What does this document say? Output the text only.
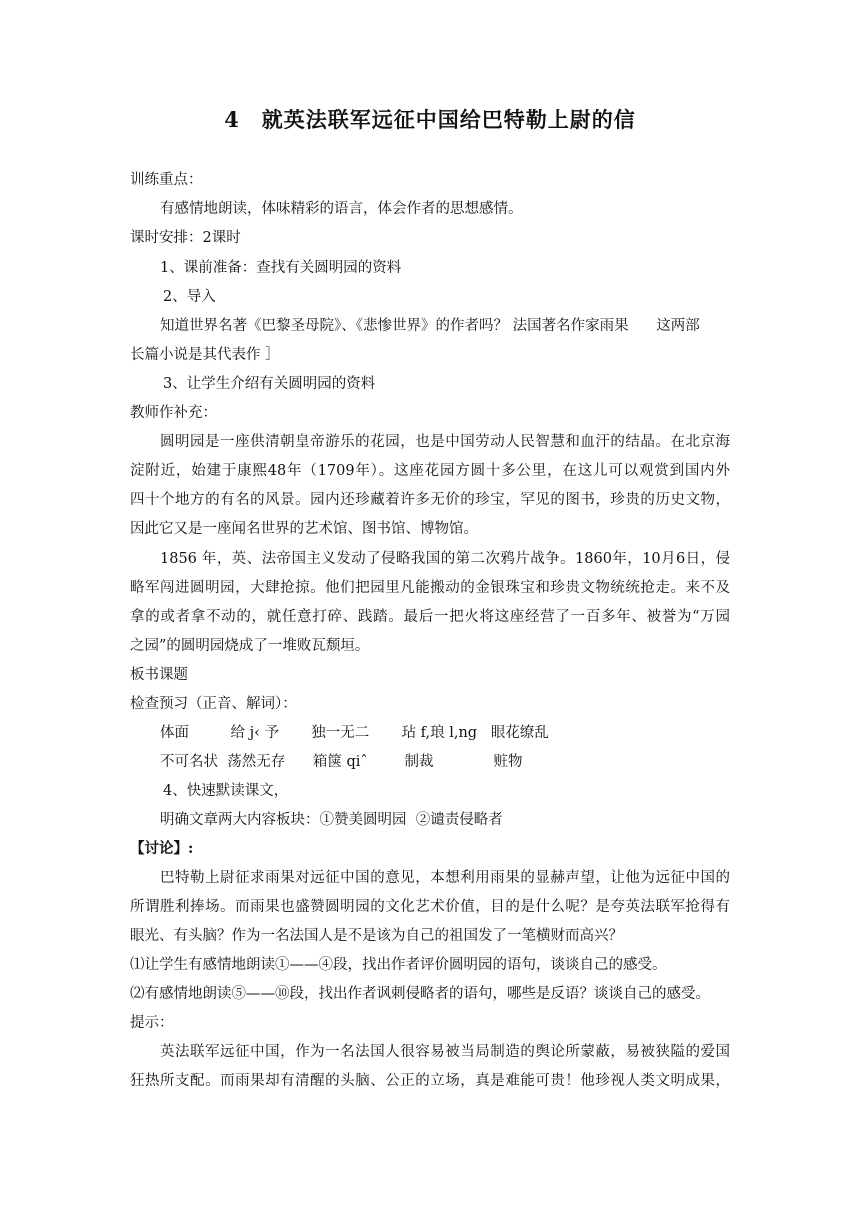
4　就英法联军远征中国给巴特勒上尉的信
训练重点：
有感情地朗读，体味精彩的语言，体会作者的思想感情。
课时安排：2课时
1、课前准备：查找有关圆明园的资料
2、导入
知道世界名著《巴黎圣母院》、《悲惨世界》的作者吗？ 法国著名作家雨果      这两部
长篇小说是其代表作 ］
3、让学生介绍有关圆明园的资料
教师作补充：
圆明园是一座供清朝皇帝游乐的花园，也是中国劳动人民智慧和血汗的结晶。在北京海
淀附近，始建于康熙48年（1709年）。这座花园方圆十多公里，在这儿可以观赏到国内外
四十个地方的有名的风景。园内还珍藏着许多无价的珍宝，罕见的图书，珍贵的历史文物，
因此它又是一座闻名世界的艺术馆、图书馆、博物馆。
1856 年，英、法帝国主义发动了侵略我国的第二次鸦片战争。1860年，10月6日，侵
略军闯进圆明园，大肆抢掠。他们把园里凡能搬动的金银珠宝和珍贵文物统统抢走。来不及
拿的或者拿不动的，就任意打碎、践踏。最后一把火将这座经营了一百多年、被誉为“万园
之园”的圆明园烧成了一堆败瓦颓垣。
板书课题
检查预习（正音、解词）：
体面         给 j‹ 予       独一无二       玷 f,琅 l,ng   眼花缭乱
不可名状  荡然无存      箱箧 qiˆ        制裁             赃物
4、快速默读课文，
明确文章两大内容板块：①赞美圆明园  ②谴责侵略者
【讨论】:
巴特勒上尉征求雨果对远征中国的意见，本想利用雨果的显赫声望，让他为远征中国的
所谓胜利捧场。而雨果也盛赞圆明园的文化艺术价值，目的是什么呢？是夸英法联军抢得有
眼光、有头脑？作为一名法国人是不是该为自己的祖国发了一笔横财而高兴？
⑴让学生有感情地朗读①——④段，找出作者评价圆明园的语句，谈谈自己的感受。
⑵有感情地朗读⑤——⑩段，找出作者讽刺侵略者的语句，哪些是反语？谈谈自己的感受。
提示：
英法联军远征中国，作为一名法国人很容易被当局制造的舆论所蒙蔽，易被狭隘的爱国
狂热所支配。而雨果却有清醒的头脑、公正的立场，真是难能可贵！他珍视人类文明成果，
